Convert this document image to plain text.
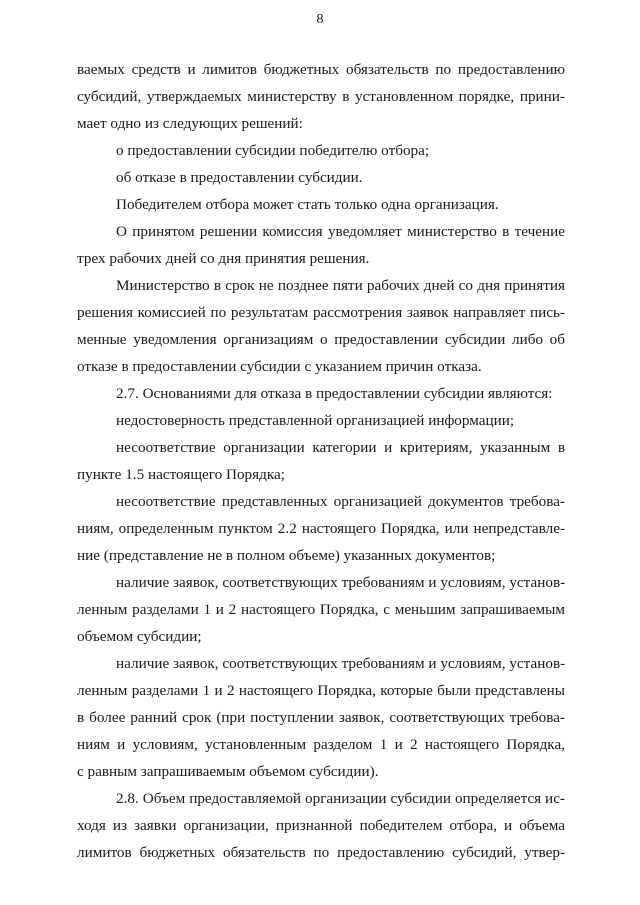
8
ваемых средств и лимитов бюджетных обязательств по предоставлению
субсидий, утверждаемых министерству в установленном порядке, прини-
мает одно из следующих решений:
о предоставлении субсидии победителю отбора;
об отказе в предоставлении субсидии.
Победителем отбора может стать только одна организация.
О принятом решении комиссия уведомляет министерство в течение
трех рабочих дней со дня принятия решения.
Министерство в срок не позднее пяти рабочих дней со дня принятия
решения комиссией по результатам рассмотрения заявок направляет пись-
менные уведомления организациям о предоставлении субсидии либо об
отказе в предоставлении субсидии с указанием причин отказа.
2.7. Основаниями для отказа в предоставлении субсидии являются:
недостоверность представленной организацией информации;
несоответствие организации категории и критериям, указанным в
пункте 1.5 настоящего Порядка;
несоответствие представленных организацией документов требова-
ниям, определенным пунктом 2.2 настоящего Порядка, или непредставле-
ние (представление не в полном объеме) указанных документов;
наличие заявок, соответствующих требованиям и условиям, установ-
ленным разделами 1 и 2 настоящего Порядка, с меньшим запрашиваемым
объемом субсидии;
наличие заявок, соответствующих требованиям и условиям, установ-
ленным разделами 1 и 2 настоящего Порядка, которые были представлены
в более ранний срок (при поступлении заявок, соответствующих требова-
ниям и условиям, установленным разделом 1 и 2 настоящего Порядка,
с равным запрашиваемым объемом субсидии).
2.8. Объем предоставляемой организации субсидии определяется ис-
ходя из заявки организации, признанной победителем отбора, и объема
лимитов бюджетных обязательств по предоставлению субсидий, утвер-
